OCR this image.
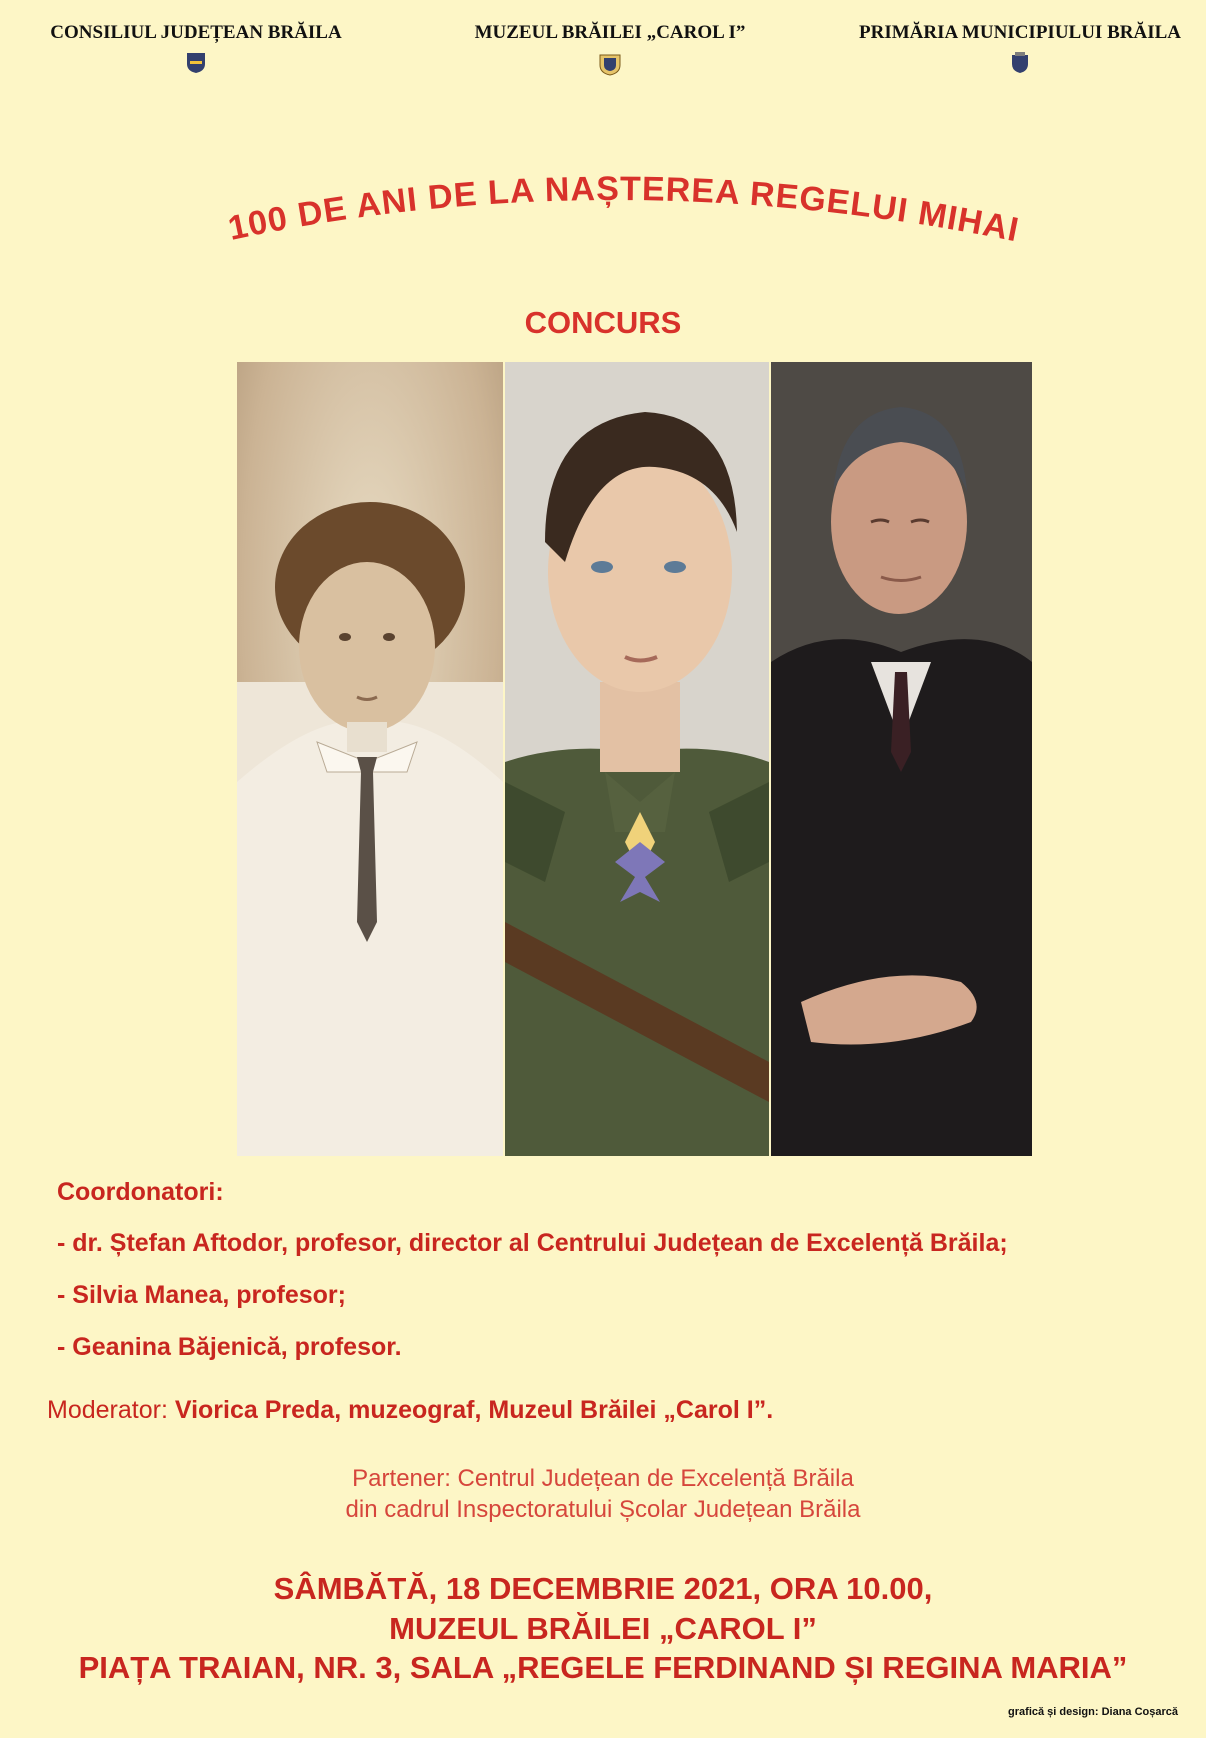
CONSILIUL JUDEȚEAN BRĂILA	MUZEUL BRĂILEI „CAROL I”	PRIMĂRIA MUNICIPIULUI BRĂILA
100 DE ANI DE LA NAȘTEREA REGELUI MIHAI
CONCURS
Coordonatori:
- dr. Ștefan Aftodor, profesor, director al Centrului Județean de Excelență Brăila;
- Silvia Manea, profesor;
- Geanina Băjenică, profesor.
Moderator: Viorica Preda, muzeograf, Muzeul Brăilei „Carol I”.
Partener: Centrul Județean de Excelență Brăila
din cadrul Inspectoratului Școlar Județean Brăila
SÂMBĂTĂ, 18 DECEMBRIE 2021, ORA 10.00,
MUZEUL BRĂILEI „CAROL I”
PIAȚA TRAIAN, NR. 3, SALA „REGELE FERDINAND ȘI REGINA MARIA”
grafică și design: Diana Coșarcă
